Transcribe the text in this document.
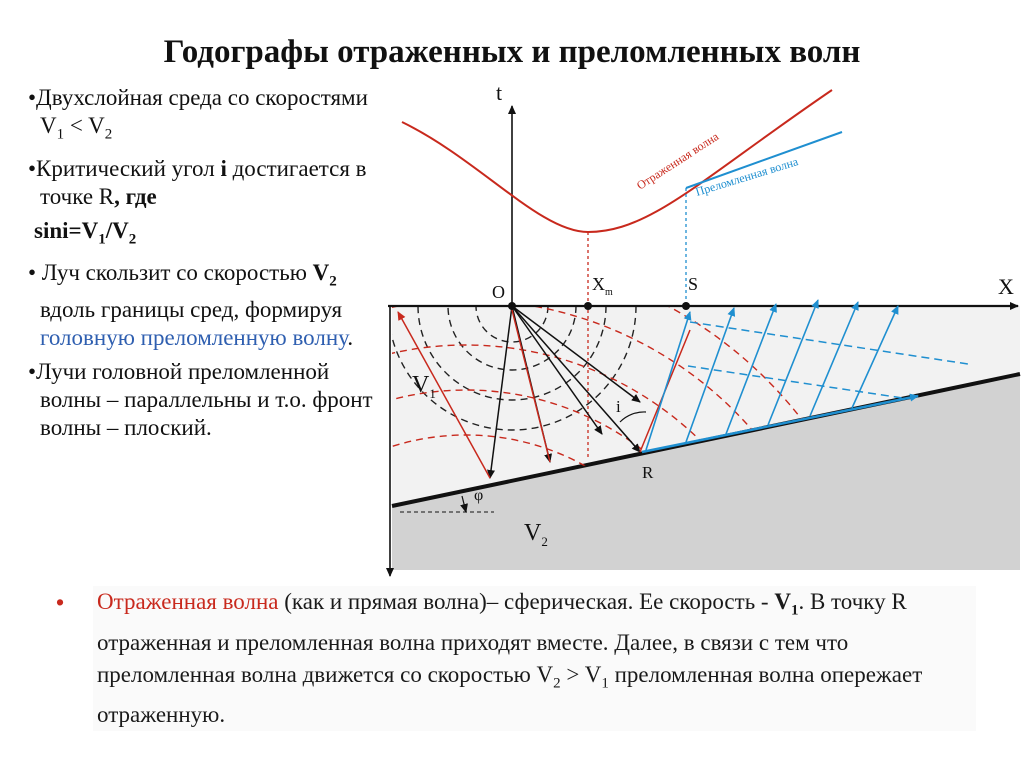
Годографы отраженных и преломленных волн

•Двухслойная среда со скоростями $V_1 < V_2$

•Критический угол i достигается в точке R, где

$\sin i=V_1/V_2$

• Луч скользит со скоростью $V_2$ вдоль границы сред, формируя головную преломленную волну.

•Лучи головной преломленной волны – параллельны и т.о. фронт волны – плоский.

t
X
O	$X_m$	S
R
$V_1$
$V_2$
φ
i
Отраженная волна
Преломленная волна
• Отраженная волна (как и прямая волна)– сферическая. Ее скорость - $V_1$. В точку R отраженная и преломленная волна приходят вместе. Далее, в связи с тем что преломленная волна движется со скоростью $V_2 > V_1$ преломленная волна опережает отраженную.
